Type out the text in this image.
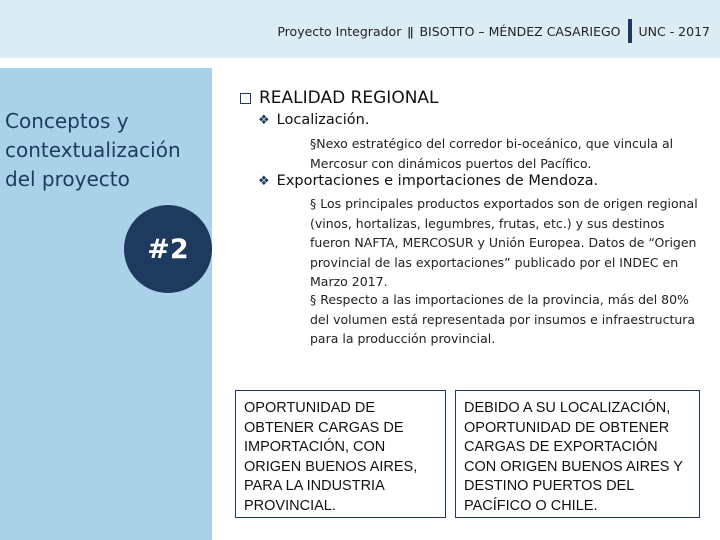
Proyecto Integrador ǁ BISOTTO – MÉNDEZ CASARIEGO UNC - 2017
Conceptos y contextualización del proyecto
#2
REALIDAD REGIONAL
❖ Localización.
§Nexo estratégico del corredor bi-oceánico, que vincula al Mercosur con dinámicos puertos del Pacífico.
❖ Exportaciones e importaciones de Mendoza.
§ Los principales productos exportados son de origen regional (vinos, hortalizas, legumbres, frutas, etc.) y sus destinos fueron NAFTA, MERCOSUR y Unión Europea. Datos de “Origen provincial de las exportaciones” publicado por el INDEC en Marzo 2017.
§ Respecto a las importaciones de la provincia, más del 80% del volumen está representada por insumos e infraestructura para la producción provincial.
OPORTUNIDAD DE OBTENER CARGAS DE IMPORTACIÓN, CON ORIGEN BUENOS AIRES, PARA LA INDUSTRIA PROVINCIAL.
DEBIDO A SU LOCALIZACIÓN, OPORTUNIDAD DE OBTENER CARGAS DE EXPORTACIÓN CON ORIGEN BUENOS AIRES Y DESTINO PUERTOS DEL PACÍFICO O CHILE.
